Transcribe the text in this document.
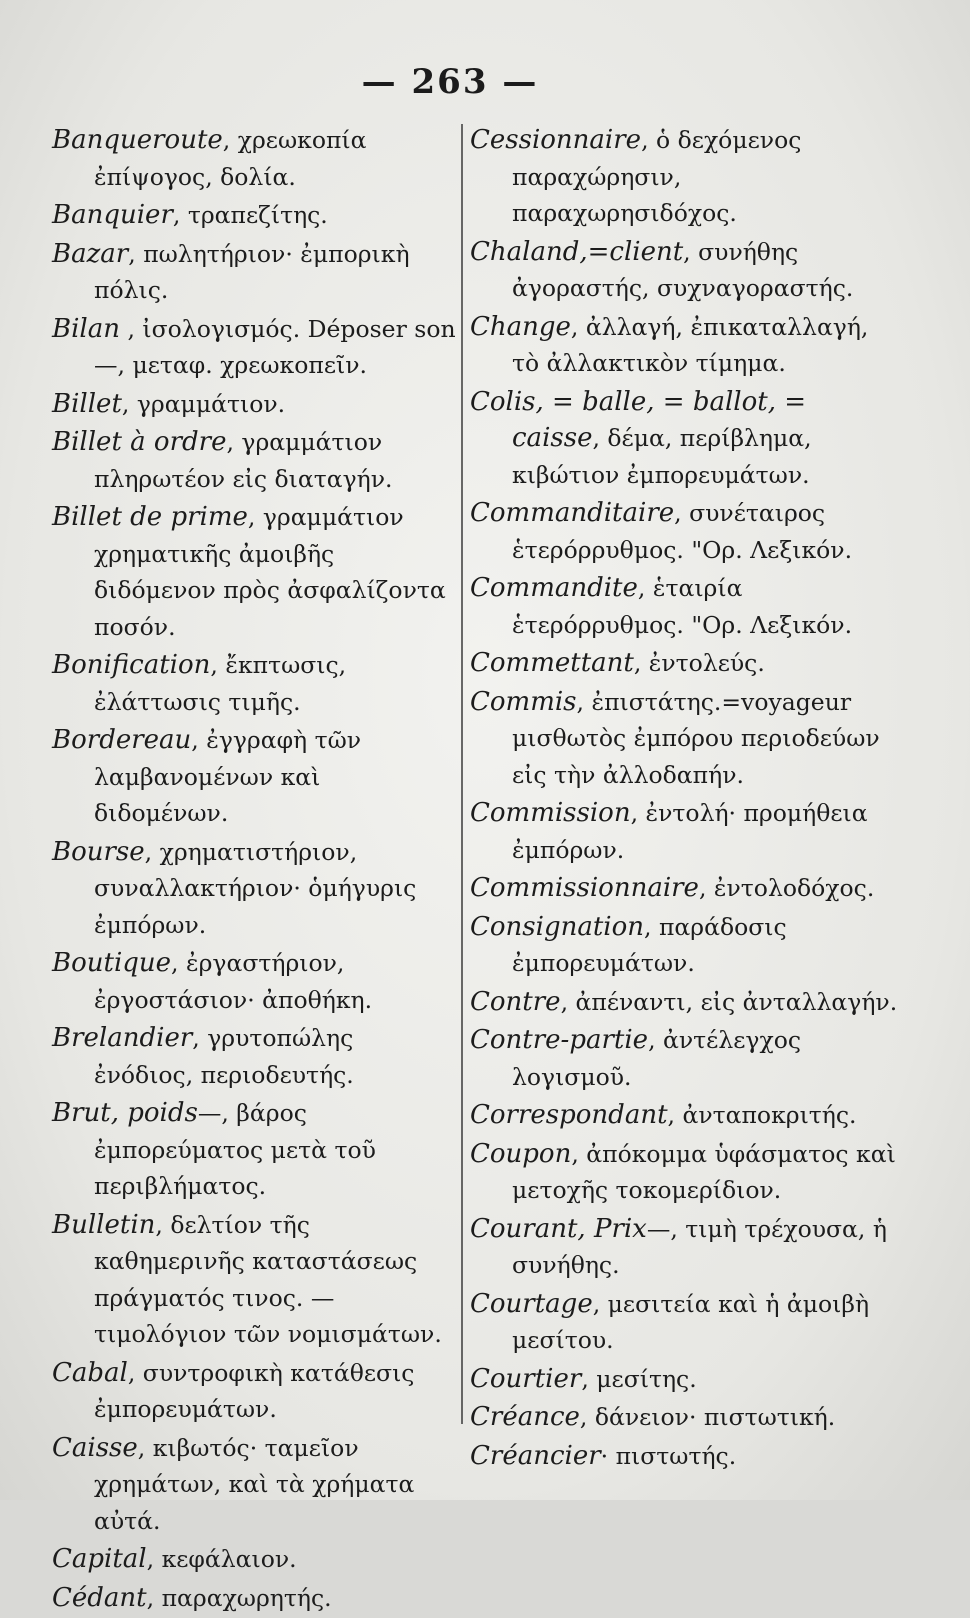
— 263 —

Banqueroute, χρεωκοπία ἐπίψογος, δολία.

Banquier, τραπεζίτης.

Bazar, πωλητήριον· ἐμπορικὴ πόλις.

Bilan , ἰσολογισμός. Déposer son—, μεταφ. χρεωκοπεῖν.

Billet, γραμμάτιον.

Billet à ordre, γραμμάτιον πληρωτέον εἰς διαταγήν.

Billet de prime, γραμμάτιον χρηματικῆς ἀμοιβῆς διδόμενον πρὸς ἀσφαλίζοντα ποσόν.

Bonification, ἔκπτωσις, ἐλάττωσις τιμῆς.

Bordereau, ἐγγραφὴ τῶν λαμβανομένων καὶ διδομένων.

Bourse, χρηματιστήριον, συναλλακτήριον· ὁμήγυρις ἐμπόρων.

Boutique, ἐργαστήριον, ἐργοστάσιον· ἀποθήκη.

Brelandier, γρυτοπώλης ἐνόδιος, περιοδευτής.

Brut, poids—, βάρος ἐμπορεύματος μετὰ τοῦ περιβλήματος.

Bulletin, δελτίον τῆς καθημερινῆς καταστάσεως πράγματός τινος. — τιμολόγιον τῶν νομισμάτων.

Cabal, συντροφικὴ κατάθεσις ἐμπορευμάτων.

Caisse, κιβωτός· ταμεῖον χρημάτων, καὶ τὰ χρήματα αὐτά.

Capital, κεφάλαιον.

Cédant, παραχωρητής.

Cessionnaire, ὁ δεχόμενος παραχώρησιν, παραχωρησιδόχος.

Chaland,=client, συνήθης ἀγοραστής, συχναγοραστής.

Change, ἀλλαγή, ἐπικαταλλαγή, τὸ ἀλλακτικὸν τίμημα.

Colis, = balle, = ballot, = caisse, δέμα, περίβλημα, κιβώτιον ἐμπορευμάτων.

Commanditaire, συνέταιρος ἑτερόρρυθμος. "Ορ. Λεξικόν.

Commandite, ἑταιρία ἑτερόρρυθμος. "Ορ. Λεξικόν.

Commettant, ἐντολεύς.

Commis, ἐπιστάτης.=voyageur μισθωτὸς ἐμπόρου περιοδεύων εἰς τὴν ἀλλοδαπήν.

Commission, ἐντολή· προμήθεια ἐμπόρων.

Commissionnaire, ἐντολοδόχος.

Consignation, παράδοσις ἐμπορευμάτων.

Contre, ἀπέναντι, εἰς ἀνταλλαγήν.

Contre-partie, ἀντέλεγχος λογισμοῦ.

Correspondant, ἀνταποκριτής.

Coupon, ἀπόκομμα ὑφάσματος καὶ μετοχῆς τοκομερίδιον.

Courant, Prix—, τιμὴ τρέχουσα, ἡ συνήθης.

Courtage, μεσιτεία καὶ ἡ ἀμοιβὴ μεσίτου.

Courtier, μεσίτης.

Créance, δάνειον· πιστωτική.

Créancier· πιστωτής.
